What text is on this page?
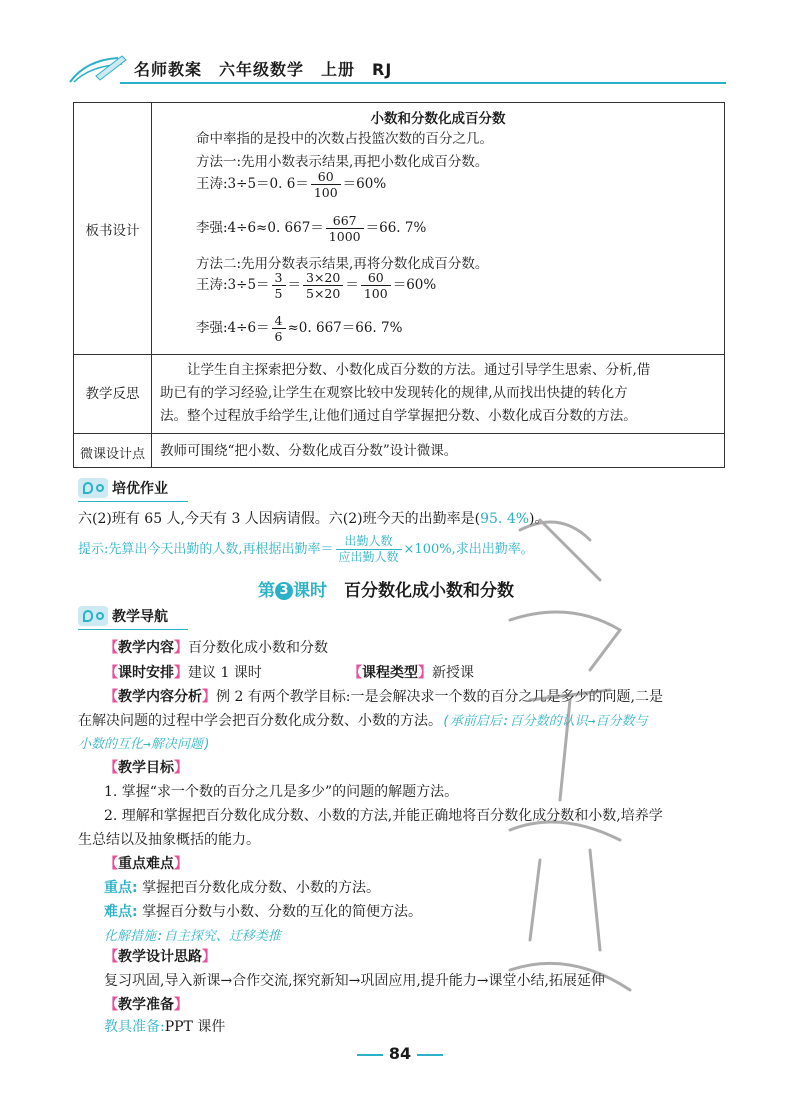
名师教案　六年级数学　上册　RJ
板书设计
小数和分数化成百分数
命中率指的是投中的次数占投篮次数的百分之几。
方法一:先用小数表示结果,再把小数化成百分数。
王涛:3÷5＝0. $6= \frac{60}{100} =60\%$
李强:4÷6≈0. $667= \frac{667}{1000} =66$. 7%
方法二:先用分数表示结果,再将分数化成百分数。
王涛:3÷5＝ $\frac{3}{5} = \frac{3\times 20}{5\times 20} = \frac{60}{100} =60\%$
李强:4÷6＝ $\frac{4}{6} \approx 0$. 667＝66. 7%
教学反思
　　让学生自主探索把分数、小数化成百分数的方法。通过引导学生思索、分析,借
助已有的学习经验,让学生在观察比较中发现转化的规律,从而找出快捷的转化方
法。整个过程放手给学生,让他们通过自学掌握把分数、小数化成百分数的方法。
微课设计点	教师可围绕“把小数、分数化成百分数”设计微课。
培优作业
六(2)班有 65 人,今天有 3 人因病请假。六(2)班今天的出勤率是(95. 4%)。
提示:先算出今天出勤的人数,再根据出勤率＝ $\frac{\text{出勤人数}}{\text{应出勤人数}} \times 100\%$,求出出勤率。
第 3 课时　 百分数化成小数和分数
教学导航
【教学内容】百分数化成小数和分数
【课时安排】建议 1 课时	【课程类型】新授课
【教学内容分析】例 2 有两个教学目标:一是会解决求一个数的百分之几是多少的问题,二是
在解决问题的过程中学会把百分数化成分数、小数的方法。(承前启后:百分数的认识→百分数与
小数的互化→解决问题)
【教学目标】
1. 掌握“求一个数的百分之几是多少”的问题的解题方法。
2. 理解和掌握把百分数化成分数、小数的方法,并能正确地将百分数化成分数和小数,培养学
生总结以及抽象概括的能力。
【重点难点】
重点: 掌握把百分数化成分数、小数的方法。
难点: 掌握百分数与小数、分数的互化的简便方法。
化解措施:自主探究、迁移类推
【教学设计思路】
复习巩固,导入新课→合作交流,探究新知→巩固应用,提升能力→课堂小结,拓展延伸
【教学准备】
教具准备:PPT 课件
84
